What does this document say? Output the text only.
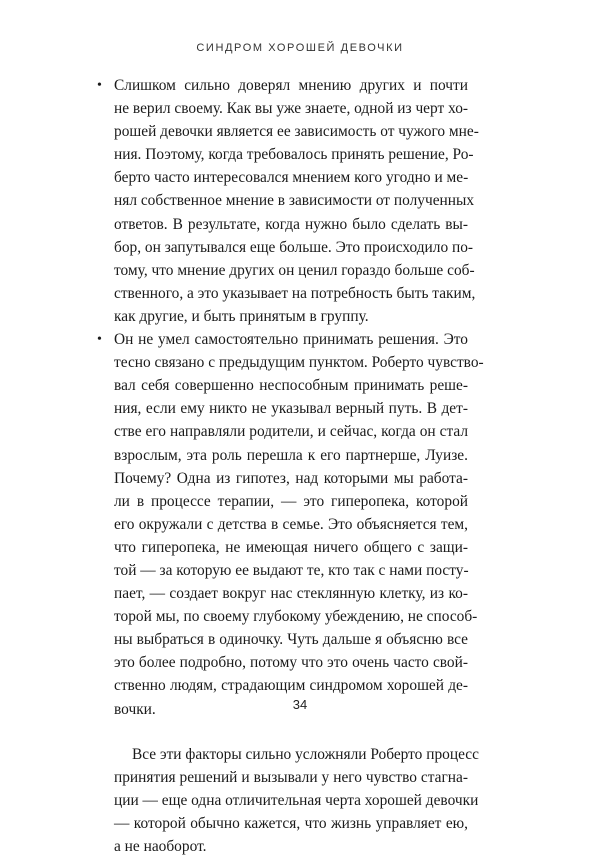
СИНДРОМ ХОРОШЕЙ ДЕВОЧКИ
• Слишком сильно доверял мнению других и почти
не верил своему. Как вы уже знаете, одной из черт хо-
рошей девочки является ее зависимость от чужого мне-
ния. Поэтому, когда требовалось принять решение, Ро-
берто часто интересовался мнением кого угодно и ме-
нял собственное мнение в зависимости от полученных
ответов. В результате, когда нужно было сделать вы-
бор, он запутывался еще больше. Это происходило по-
тому, что мнение других он ценил гораздо больше соб-
ственного, а это указывает на потребность быть таким,
как другие, и быть принятым в группу.
• Он не умел самостоятельно принимать решения. Это
тесно связано с предыдущим пунктом. Роберто чувство-
вал себя совершенно неспособным принимать реше-
ния, если ему никто не указывал верный путь. В дет-
стве его направляли родители, и сейчас, когда он стал
взрослым, эта роль перешла к его партнерше, Луизе.
Почему? Одна из гипотез, над которыми мы работа-
ли в процессе терапии, — это гиперопека, которой
его окружали с детства в семье. Это объясняется тем,
что гиперопека, не имеющая ничего общего с защи-
той — за которую ее выдают те, кто так с нами посту-
пает, — создает вокруг нас стеклянную клетку, из ко-
торой мы, по своему глубокому убеждению, не способ-
ны выбраться в одиночку. Чуть дальше я объясню все
это более подробно, потому что это очень часто свой-
ственно людям, страдающим синдромом хорошей де-
вочки.
Все эти факторы сильно усложняли Роберто процесс
принятия решений и вызывали у него чувство стагна-
ции — еще одна отличительная черта хорошей девочки
— которой обычно кажется, что жизнь управляет ею,
а не наоборот.
34
